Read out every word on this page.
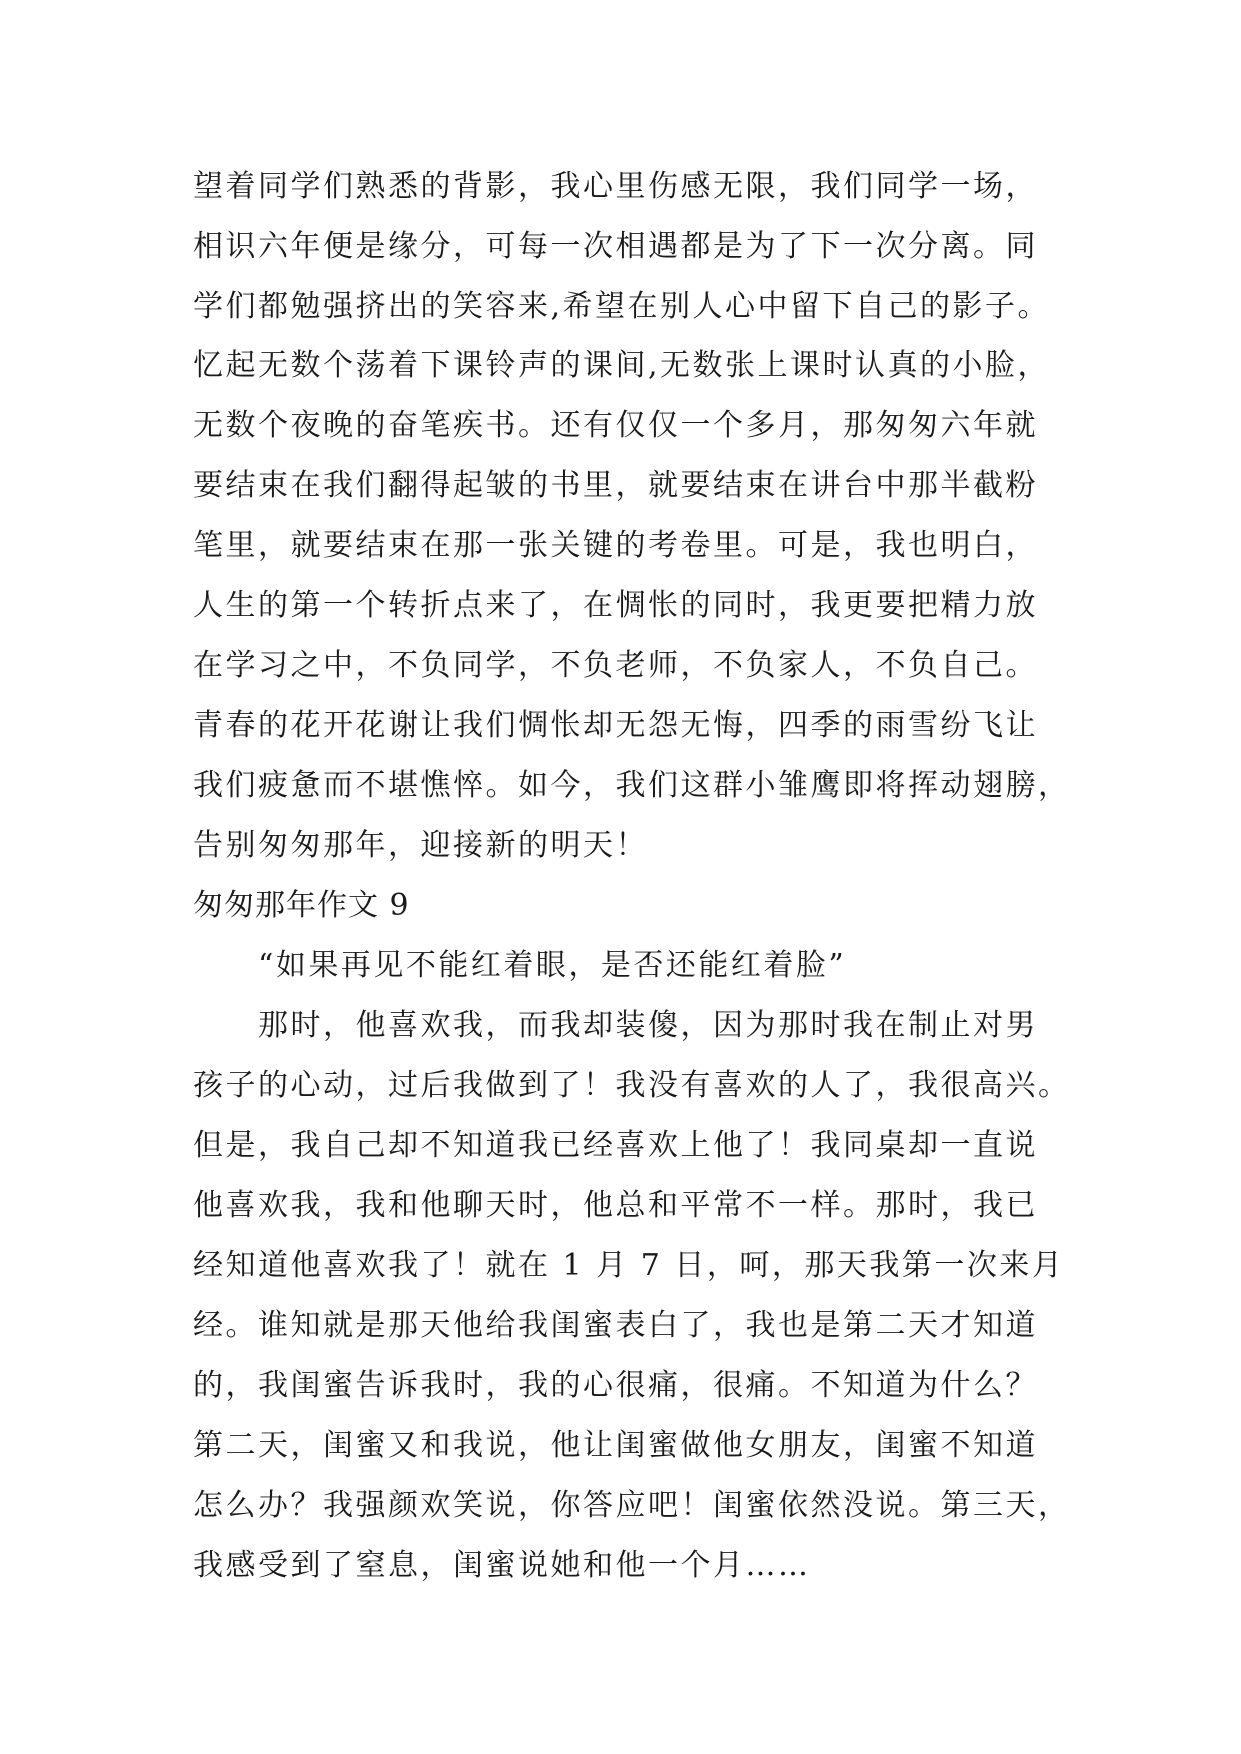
望着同学们熟悉的背影，我心里伤感无限，我们同学一场，
相识六年便是缘分，可每一次相遇都是为了下一次分离。同
学们都勉强挤出的笑容来,希望在别人心中留下自己的影子。
忆起无数个荡着下课铃声的课间,无数张上课时认真的小脸，
无数个夜晚的奋笔疾书。还有仅仅一个多月，那匆匆六年就
要结束在我们翻得起皱的书里，就要结束在讲台中那半截粉
笔里，就要结束在那一张关键的考卷里。可是，我也明白，
人生的第一个转折点来了，在惆怅的同时，我更要把精力放
在学习之中，不负同学，不负老师，不负家人，不负自己。
青春的花开花谢让我们惆怅却无怨无悔，四季的雨雪纷飞让
我们疲惫而不堪憔悴。如今，我们这群小雏鹰即将挥动翅膀，
告别匆匆那年，迎接新的明天！
匆匆那年作文 9
“如果再见不能红着眼，是否还能红着脸”
那时，他喜欢我，而我却装傻，因为那时我在制止对男
孩子的心动，过后我做到了！我没有喜欢的人了，我很高兴。
但是，我自己却不知道我已经喜欢上他了！我同桌却一直说
他喜欢我，我和他聊天时，他总和平常不一样。那时，我已
经知道他喜欢我了！就在 1 月 7 日，呵，那天我第一次来月
经。谁知就是那天他给我闺蜜表白了，我也是第二天才知道
的，我闺蜜告诉我时，我的心很痛，很痛。不知道为什么？
第二天，闺蜜又和我说，他让闺蜜做他女朋友，闺蜜不知道
怎么办？我强颜欢笑说，你答应吧！闺蜜依然没说。第三天，
我感受到了窒息，闺蜜说她和他一个月……
